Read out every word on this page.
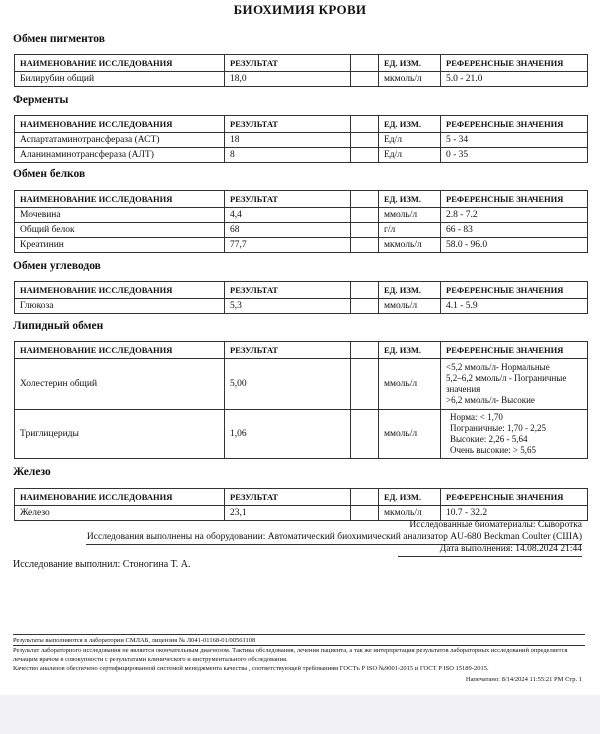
БИОХИМИЯ КРОВИ
Обмен пигментов
НАИМЕНОВАНИЕ ИССЛЕДОВАНИЯ	РЕЗУЛЬТАТ		ЕД. ИЗМ.	РЕФЕРЕНСНЫЕ ЗНАЧЕНИЯ
Билирубин общий	18,0		мкмоль/л	5.0 - 21.0
Ферменты
НАИМЕНОВАНИЕ ИССЛЕДОВАНИЯ	РЕЗУЛЬТАТ		ЕД. ИЗМ.	РЕФЕРЕНСНЫЕ ЗНАЧЕНИЯ
Аспартатаминотрансфераза (АСТ)	18		Ед/л	5 - 34
Аланинаминотрансфераза (АЛТ)	8		Ед/л	0 - 35
Обмен белков
НАИМЕНОВАНИЕ ИССЛЕДОВАНИЯ	РЕЗУЛЬТАТ		ЕД. ИЗМ.	РЕФЕРЕНСНЫЕ ЗНАЧЕНИЯ
Мочевина	4,4		ммоль/л	2.8 - 7.2
Общий белок	68		г/л	66 - 83
Креатинин	77,7		мкмоль/л	58.0 - 96.0
Обмен углеводов
НАИМЕНОВАНИЕ ИССЛЕДОВАНИЯ	РЕЗУЛЬТАТ		ЕД. ИЗМ.	РЕФЕРЕНСНЫЕ ЗНАЧЕНИЯ
Глюкоза	5,3		ммоль/л	4.1 - 5.9
Липидный обмен
НАИМЕНОВАНИЕ ИССЛЕДОВАНИЯ	РЕЗУЛЬТАТ		ЕД. ИЗМ.	РЕФЕРЕНСНЫЕ ЗНАЧЕНИЯ
Холестерин общий	5,00		ммоль/л	<5,2 ммоль/л- Нормальные
5,2–6,2 ммоль/л - Пограничные значения
>6,2 ммоль/л- Высокие

Триглицериды	1,06		ммоль/л	Норма: < 1,70
Пограничные: 1,70 - 2,25
Высокие: 2,26 - 5,64
Очень высокие: > 5,65
Железо
НАИМЕНОВАНИЕ ИССЛЕДОВАНИЯ	РЕЗУЛЬТАТ		ЕД. ИЗМ.	РЕФЕРЕНСНЫЕ ЗНАЧЕНИЯ
Железо	23,1		мкмоль/л	10.7 - 32.2
Исследованные биоматериалы: Сыворотка
Исследования выполнены на оборудовании: Автоматический биохимический анализатор AU-680 Beckman Coulter (США)
Дата выполнения: 14.08.2024 21:44
Исследование выполнил: Стоногина Т. А.
Результаты выполняются в лаборатории СМЛАБ, лицензия № Л041-01168-01/00561108
Результат лабораторного исследования не является окончательным диагнозом. Тактика обследования, лечения пациента, а так же интерпретация результатов лабораторных исследований определяется лечащим врачом в совокупности с результатами клинического и инструментального обследования.
Качество анализов обеспечено сертифицированной системой менеджмента качества , соответствующей требованиям ГОСТъ Р ISO №9001-2015 и ГОСТ Р ISO 15189-2015.
Напечатано: 8/14/2024 11:55:21 PM Стр. 1
